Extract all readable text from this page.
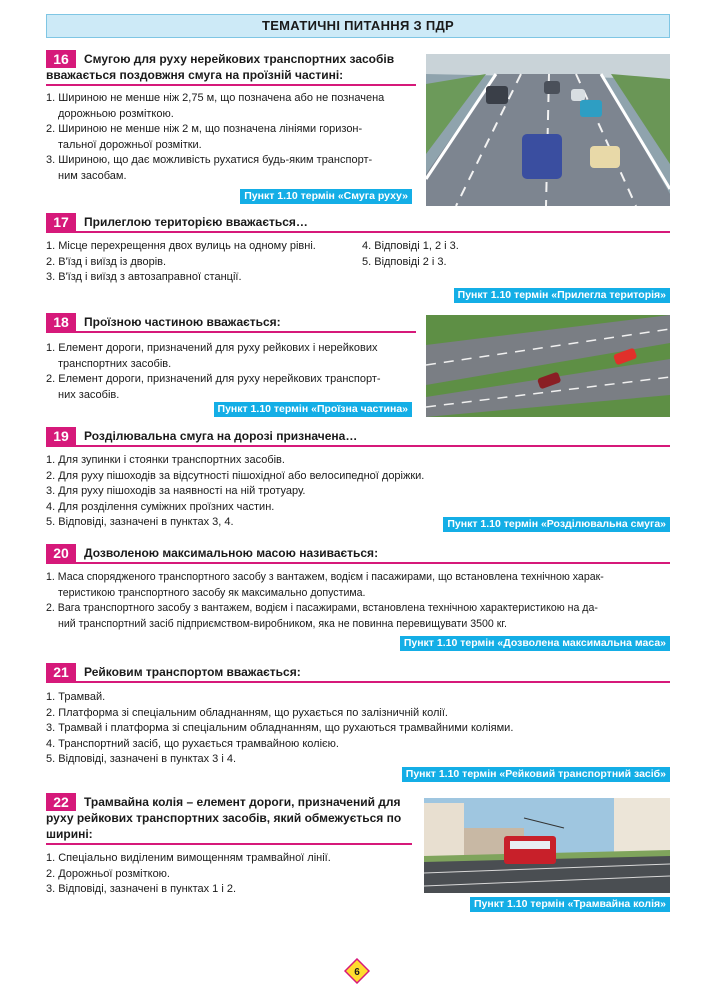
ТЕМАТИЧНІ ПИТАННЯ З ПДР
16	Смугою для руху нерейкових транспортних засобів
вважається поздовжня смуга на проїзній частині:
1. Шириною не менше ніж 2,75 м, що позначена або не позначена
дорожньою розміткою.
2. Шириною не менше ніж 2 м, що позначена лініями горизон-
тальної дорожньої розмітки.
3. Шириною, що дає можливість рухатися будь-яким транспорт-
ним засобам.
Пункт 1.10 термін «Смуга руху»
17	Прилеглою територією вважається…
1. Місце перехрещення двох вулиць на одному рівні.
2. В'їзд і виїзд із дворів.
3. В'їзд і виїзд з автозаправної станції.
4. Відповіді 1, 2 і 3.
5. Відповіді 2 і 3.
Пункт 1.10 термін «Прилегла територія»
18	Проїзною частиною вважається:
1. Елемент дороги, призначений для руху рейкових і нерейкових
транспортних засобів.
2. Елемент дороги, призначений для руху нерейкових транспорт-
них засобів.
Пункт 1.10 термін «Проїзна частина»
19	Розділювальна смуга на дорозі призначена…
1. Для зупинки і стоянки транспортних засобів.
2. Для руху пішоходів за відсутності пішохідної або велосипедної доріжки.
3. Для руху пішоходів за наявності на ній тротуару.
4. Для розділення суміжних проїзних частин.
5. Відповіді, зазначені в пунктах 3, 4.	Пункт 1.10 термін «Розділювальна смуга»
20	Дозволеною максимальною масою називається:
1. Маса спорядженого транспортного засобу з вантажем, водієм і пасажирами, що встановлена технічною харак-
теристикою транспортного засобу як максимально допустима.
2. Вага транспортного засобу з вантажем, водієм і пасажирами, встановлена технічною характеристикою на да-
ний транспортний засіб підприємством-виробником, яка не повинна перевищувати 3500 кг.
Пункт 1.10 термін «Дозволена максимальна маса»
21	Рейковим транспортом вважається:
1. Трамвай.
2. Платформа зі спеціальним обладнанням, що рухається по залізничній колії.
3. Трамвай і платформа зі спеціальним обладнанням, що рухаються трамвайними коліями.
4. Транспортний засіб, що рухається трамвайною колією.
5. Відповіді, зазначені в пунктах 3 і 4.
Пункт 1.10 термін «Рейковий транспортний засіб»
22	Трамвайна колія – елемент дороги, призначений для
руху рейкових транспортних засобів, який обмежується по
ширині:
1. Спеціально виділеним вимощенням трамвайної лінії.
2. Дорожньої розміткою.
3. Відповіді, зазначені в пунктах 1 і 2.
Пункт 1.10 термін «Трамвайна колія»
6
